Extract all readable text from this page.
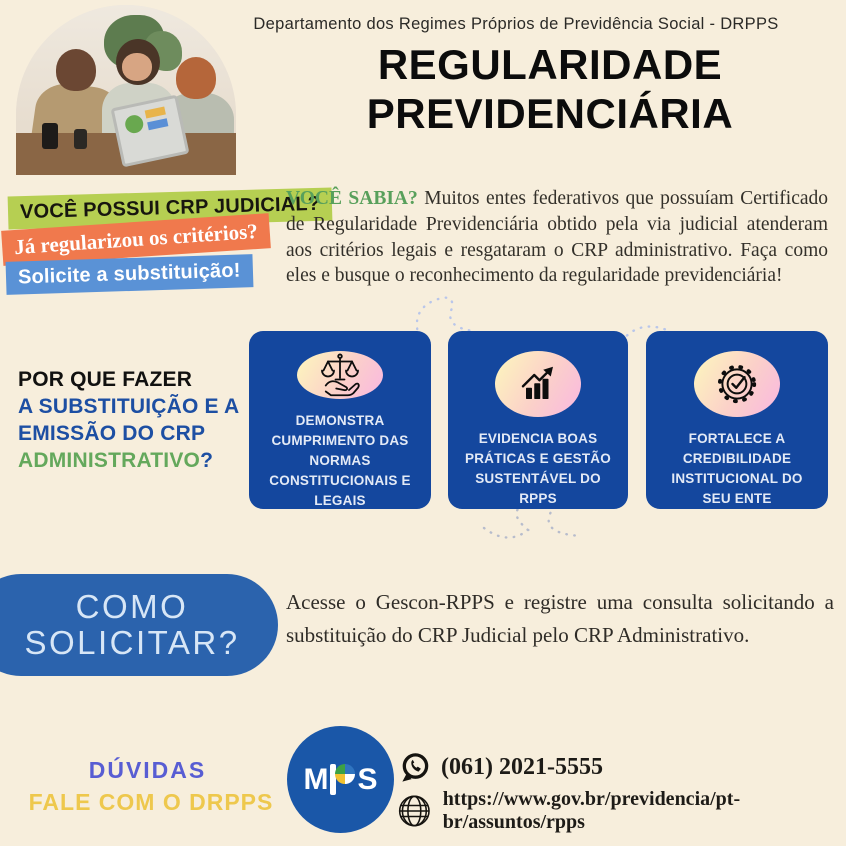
Departamento dos Regimes Próprios de Previdência Social - DRPPS
REGULARIDADE
PREVIDENCIÁRIA
VOCÊ POSSUI CRP JUDICIAL?
Já regularizou os critérios?
Solicite a substituição!
VOCÊ SABIA? Muitos entes federativos que possuíam Certificado de Regularidade Previdenciária obtido pela via judicial atenderam aos critérios legais e resgataram o CRP administrativo. Faça como eles e busque o reconhecimento da regularidade previdenciária!
POR QUE FAZER
A SUBSTITUIÇÃO E A
EMISSÃO DO CRP
ADMINISTRATIVO?
DEMONSTRA CUMPRIMENTO DAS NORMAS CONSTITUCIONAIS E LEGAIS
EVIDENCIA BOAS PRÁTICAS E GESTÃO SUSTENTÁVEL DO RPPS
FORTALECE A CREDIBILIDADE INSTITUCIONAL DO SEU ENTE
COMO
SOLICITAR?
Acesse o Gescon-RPPS e registre uma consulta solicitando a substituição do CRP Judicial pelo CRP Administrativo.
DÚVIDAS
FALE COM O DRPPS
M S	(061) 2021-5555
https://www.gov.br/previdencia/pt-br/assuntos/rpps
